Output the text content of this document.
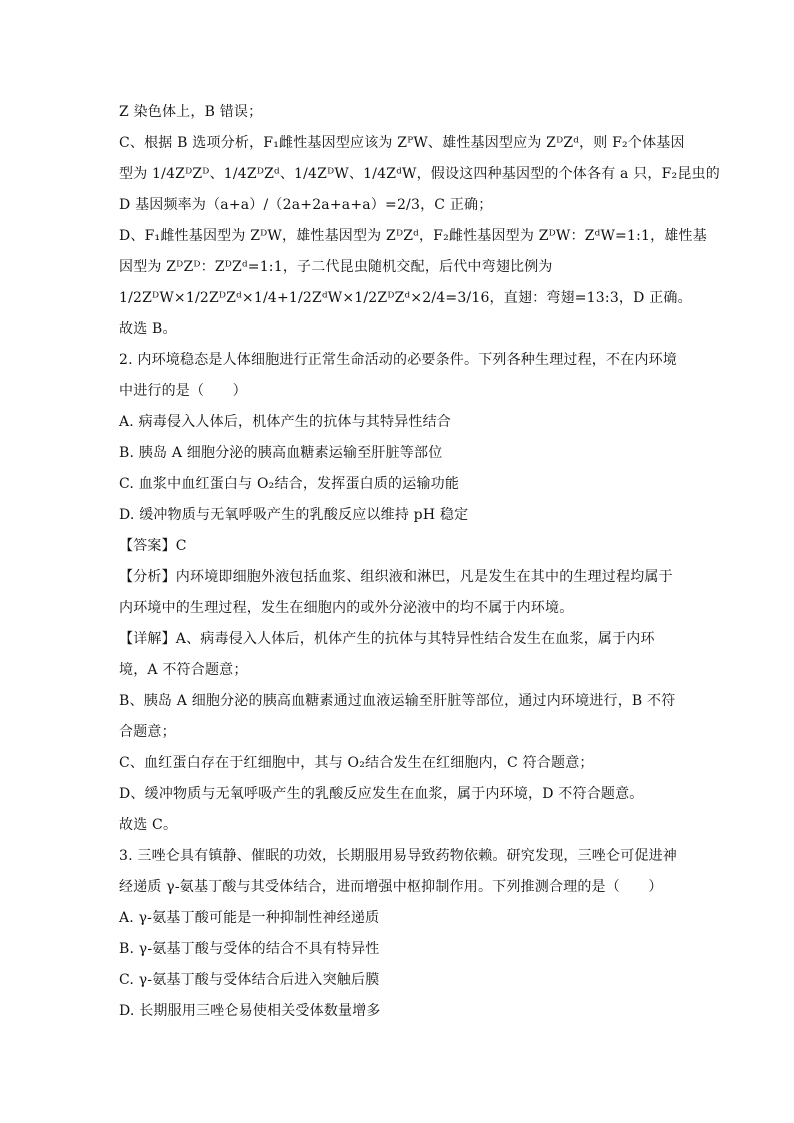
Z 染色体上，B 错误；
C、根据 B 选项分析，F₁雌性基因型应该为 ZᴾW、雄性基因型应为 ZᴰZᵈ，则 F₂个体基因
型为 1/4ZᴰZᴰ、1/4ZᴰZᵈ、1/4ZᴰW、1/4ZᵈW，假设这四种基因型的个体各有 a 只，F₂昆虫的
D 基因频率为（a+a）/（2a+2a+a+a）=2/3，C 正确；
D、F₁雌性基因型为 ZᴰW，雄性基因型为 ZᴰZᵈ，F₂雌性基因型为 ZᴰW：ZᵈW=1:1，雄性基
因型为 ZᴰZᴰ：ZᴰZᵈ=1:1，子二代昆虫随机交配，后代中弯翅比例为
1/2ZᴰW×1/2ZᴰZᵈ×1/4+1/2ZᵈW×1/2ZᴰZᵈ×2/4=3/16，直翅：弯翅=13:3，D 正确。
故选 B。
2. 内环境稳态是人体细胞进行正常生命活动的必要条件。下列各种生理过程，不在内环境
中进行的是（　　）
A. 病毒侵入人体后，机体产生的抗体与其特异性结合
B. 胰岛 A 细胞分泌的胰高血糖素运输至肝脏等部位
C. 血浆中血红蛋白与 O₂结合，发挥蛋白质的运输功能
D. 缓冲物质与无氧呼吸产生的乳酸反应以维持 pH 稳定
【答案】C
【分析】内环境即细胞外液包括血浆、组织液和淋巴，凡是发生在其中的生理过程均属于
内环境中的生理过程，发生在细胞内的或外分泌液中的均不属于内环境。
【详解】A、病毒侵入人体后，机体产生的抗体与其特异性结合发生在血浆，属于内环
境，A 不符合题意；
B、胰岛 A 细胞分泌的胰高血糖素通过血液运输至肝脏等部位，通过内环境进行，B 不符
合题意；
C、血红蛋白存在于红细胞中，其与 O₂结合发生在红细胞内，C 符合题意；
D、缓冲物质与无氧呼吸产生的乳酸反应发生在血浆，属于内环境，D 不符合题意。
故选 C。
3. 三唑仑具有镇静、催眠的功效，长期服用易导致药物依赖。研究发现，三唑仑可促进神
经递质 γ-氨基丁酸与其受体结合，进而增强中枢抑制作用。下列推测合理的是（　　）
A. γ-氨基丁酸可能是一种抑制性神经递质
B. γ-氨基丁酸与受体的结合不具有特异性
C. γ-氨基丁酸与受体结合后进入突触后膜
D. 长期服用三唑仑易使相关受体数量增多
